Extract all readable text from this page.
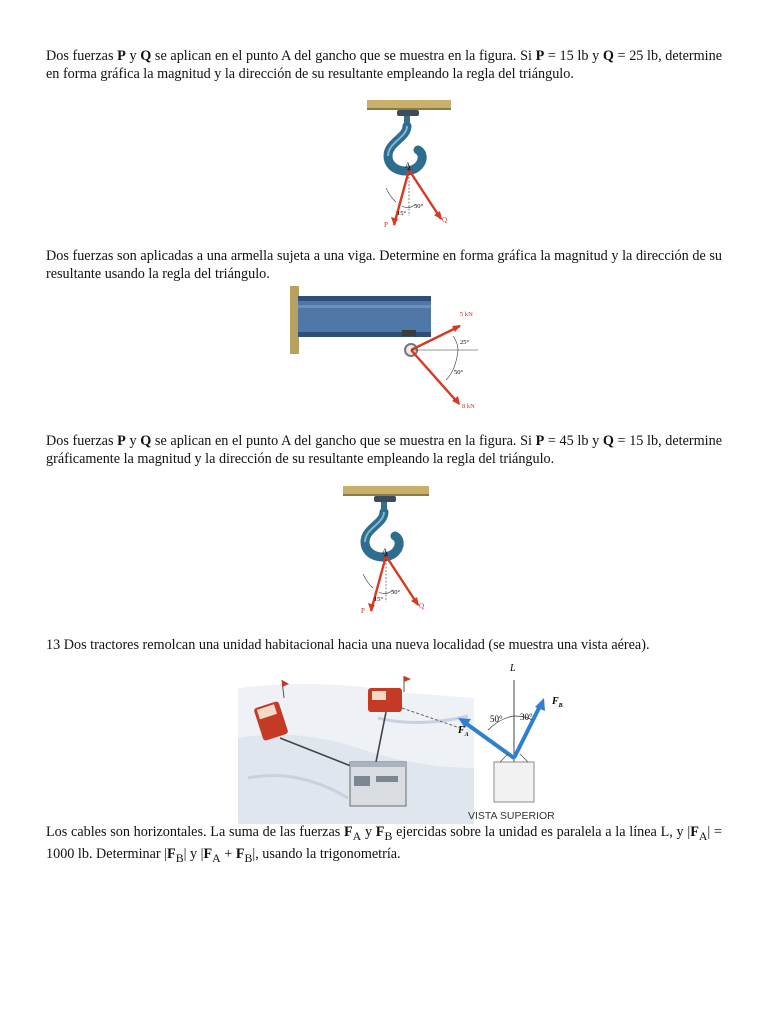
Dos fuerzas P y Q se aplican en el punto A del gancho que se muestra en la figura. Si P = 15 lb y Q = 25 lb, determine en forma gráfica la magnitud y la dirección de su resultante empleando la regla del triángulo.

A
15°
30°
P
Q

Dos fuerzas son aplicadas a una armella sujeta a una viga. Determine en forma gráfica la magnitud y la dirección de su resultante usando la regla del triángulo.

5 kN
25°
50°
8 kN

Dos fuerzas P y Q se aplican en el punto A del gancho que se muestra en la figura. Si P = 45 lb y Q = 15 lb, determine gráficamente la magnitud y la dirección de su resultante empleando la regla del triángulo.

A
15°
30°
P
Q

13 Dos tractores remolcan una unidad habitacional hacia una nueva localidad (se muestra una vista aérea).

L
50° 30°
$F_A$
$F_B$
VISTA SUPERIOR

Los cables son horizontales. La suma de las fuerzas $F_A$ y $F_B$ ejercidas sobre la unidad es paralela a la línea L, y $|F_A| = 1000$ lb. Determinar $|F_B|$ y $|F_A + F_B|$, usando la trigonometría.
